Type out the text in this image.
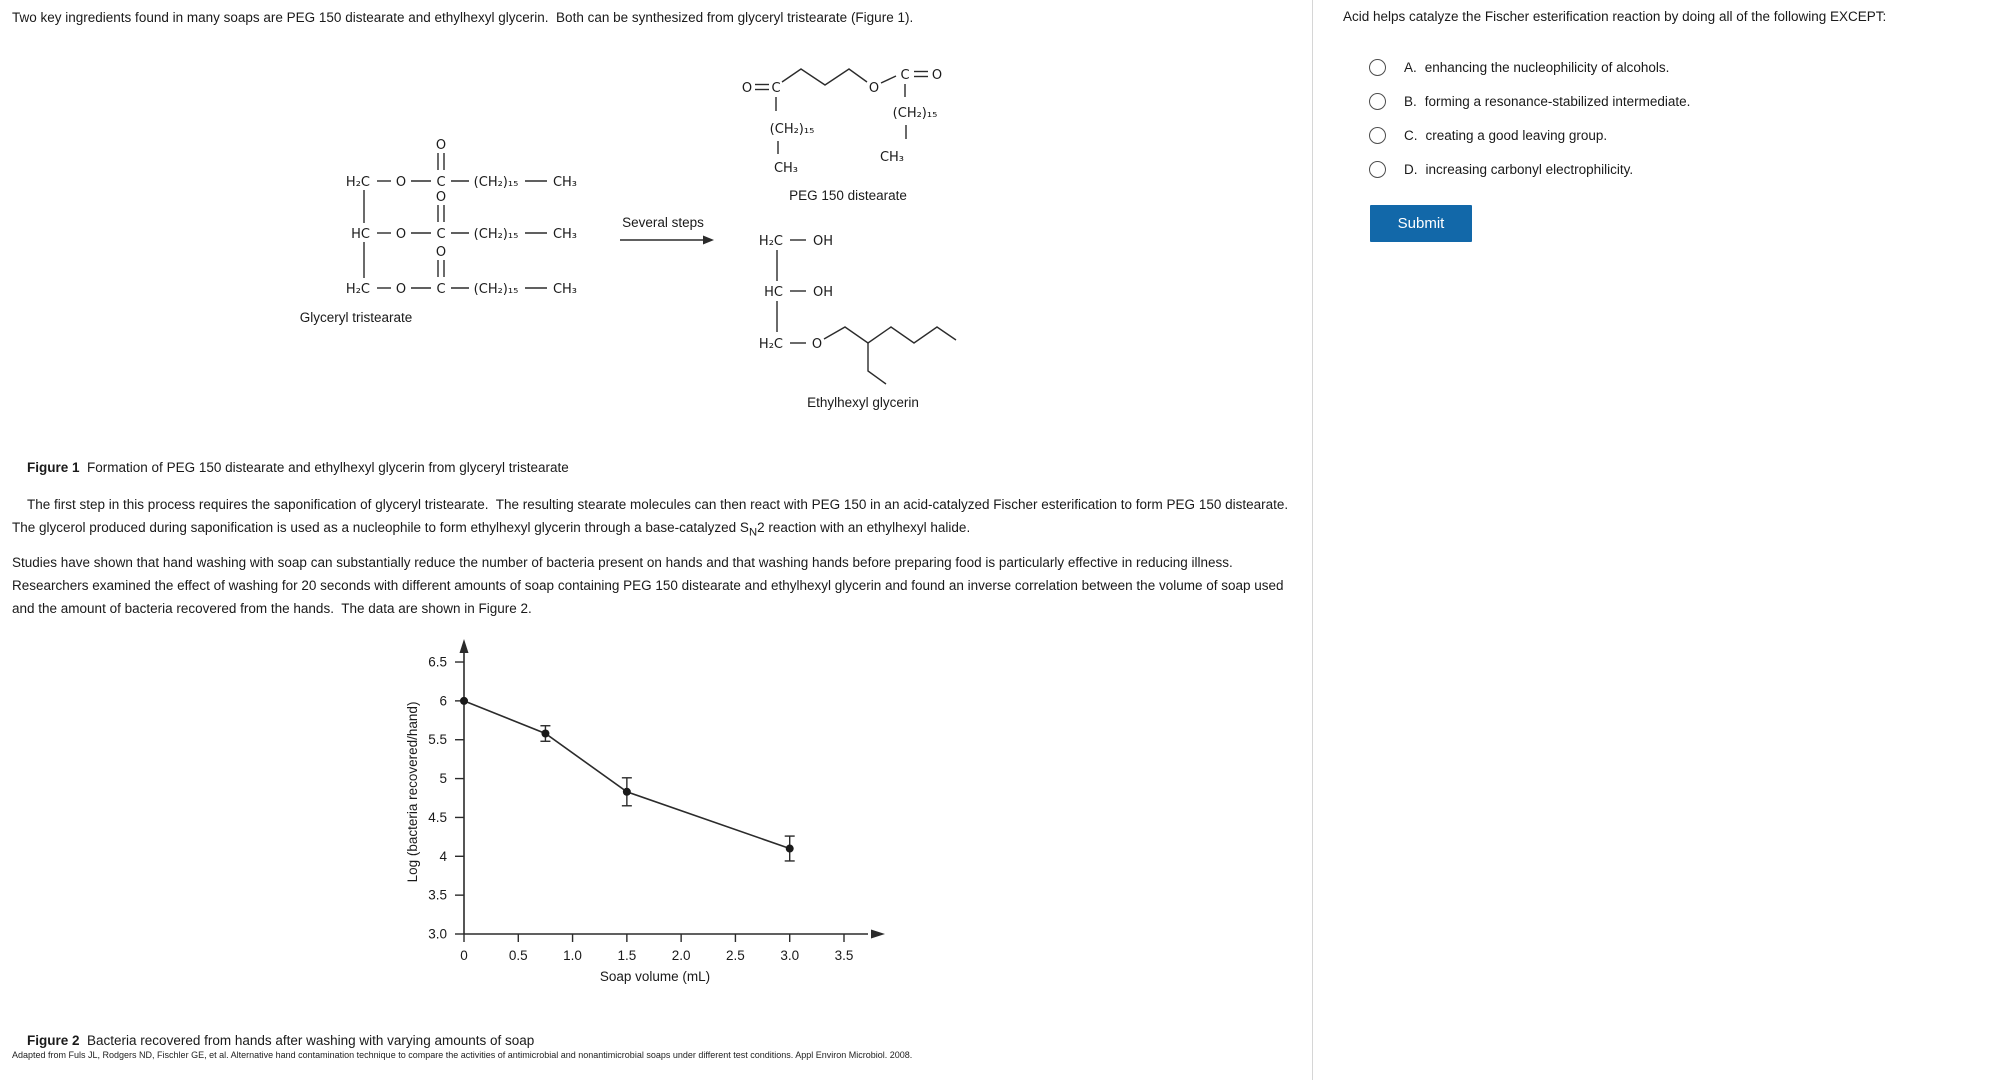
Two key ingredients found in many soaps are PEG 150 distearate and ethylhexyl glycerin.  Both can be synthesized from glyceryl tristearate (Figure 1).
H₂C O C (CH₂)₁₅	CH₃
O
HC O C (CH₂)₁₅	CH₃
O
H₂C O C (CH₂)₁₅	CH₃
O
Glyceryl tristearate
Several steps
O C	O
C O
(CH₂)₁₅
CH₃
(CH₂)₁₅
CH₃
PEG 150 distearate
H₂C OH
HC OH
H₂C O
Ethylhexyl glycerin

Figure 1  Formation of PEG 150 distearate and ethylhexyl glycerin from glyceryl tristearate

The first step in this process requires the saponification of glyceryl tristearate.  The resulting stearate molecules can then react with PEG 150 in an acid-catalyzed Fischer esterification to form PEG 150 distearate.  The glycerol produced during saponification is used as a nucleophile to form ethylhexyl glycerin through a base-catalyzed $S_N2$ reaction with an ethylhexyl halide.

Studies have shown that hand washing with soap can substantially reduce the number of bacteria present on hands and that washing hands before preparing food is particularly effective in reducing illness.  Researchers examined the effect of washing for 20 seconds with different amounts of soap containing PEG 150 distearate and ethylhexyl glycerin and found an inverse correlation between the volume of soap used and the amount of bacteria recovered from the hands.  The data are shown in Figure 2.
0	0.5	1.0	1.5	2.0	2.5	3.0	3.5
3.0
3.5
4
4.5
5
5.5
6
6.5
Log (bacteria recovered/hand)
Soap volume (mL)

Figure 2  Bacteria recovered from hands after washing with varying amounts of soap

Adapted from Fuls JL, Rodgers ND, Fischler GE, et al. Alternative hand contamination technique to compare the activities of antimicrobial and nonantimicrobial soaps under different test conditions. Appl Environ Microbiol. 2008.
Acid helps catalyze the Fischer esterification reaction by doing all of the following EXCEPT:
A. enhancing the nucleophilicity of alcohols.
B. forming a resonance-stabilized intermediate.
C. creating a good leaving group.
D. increasing carbonyl electrophilicity.
Submit
